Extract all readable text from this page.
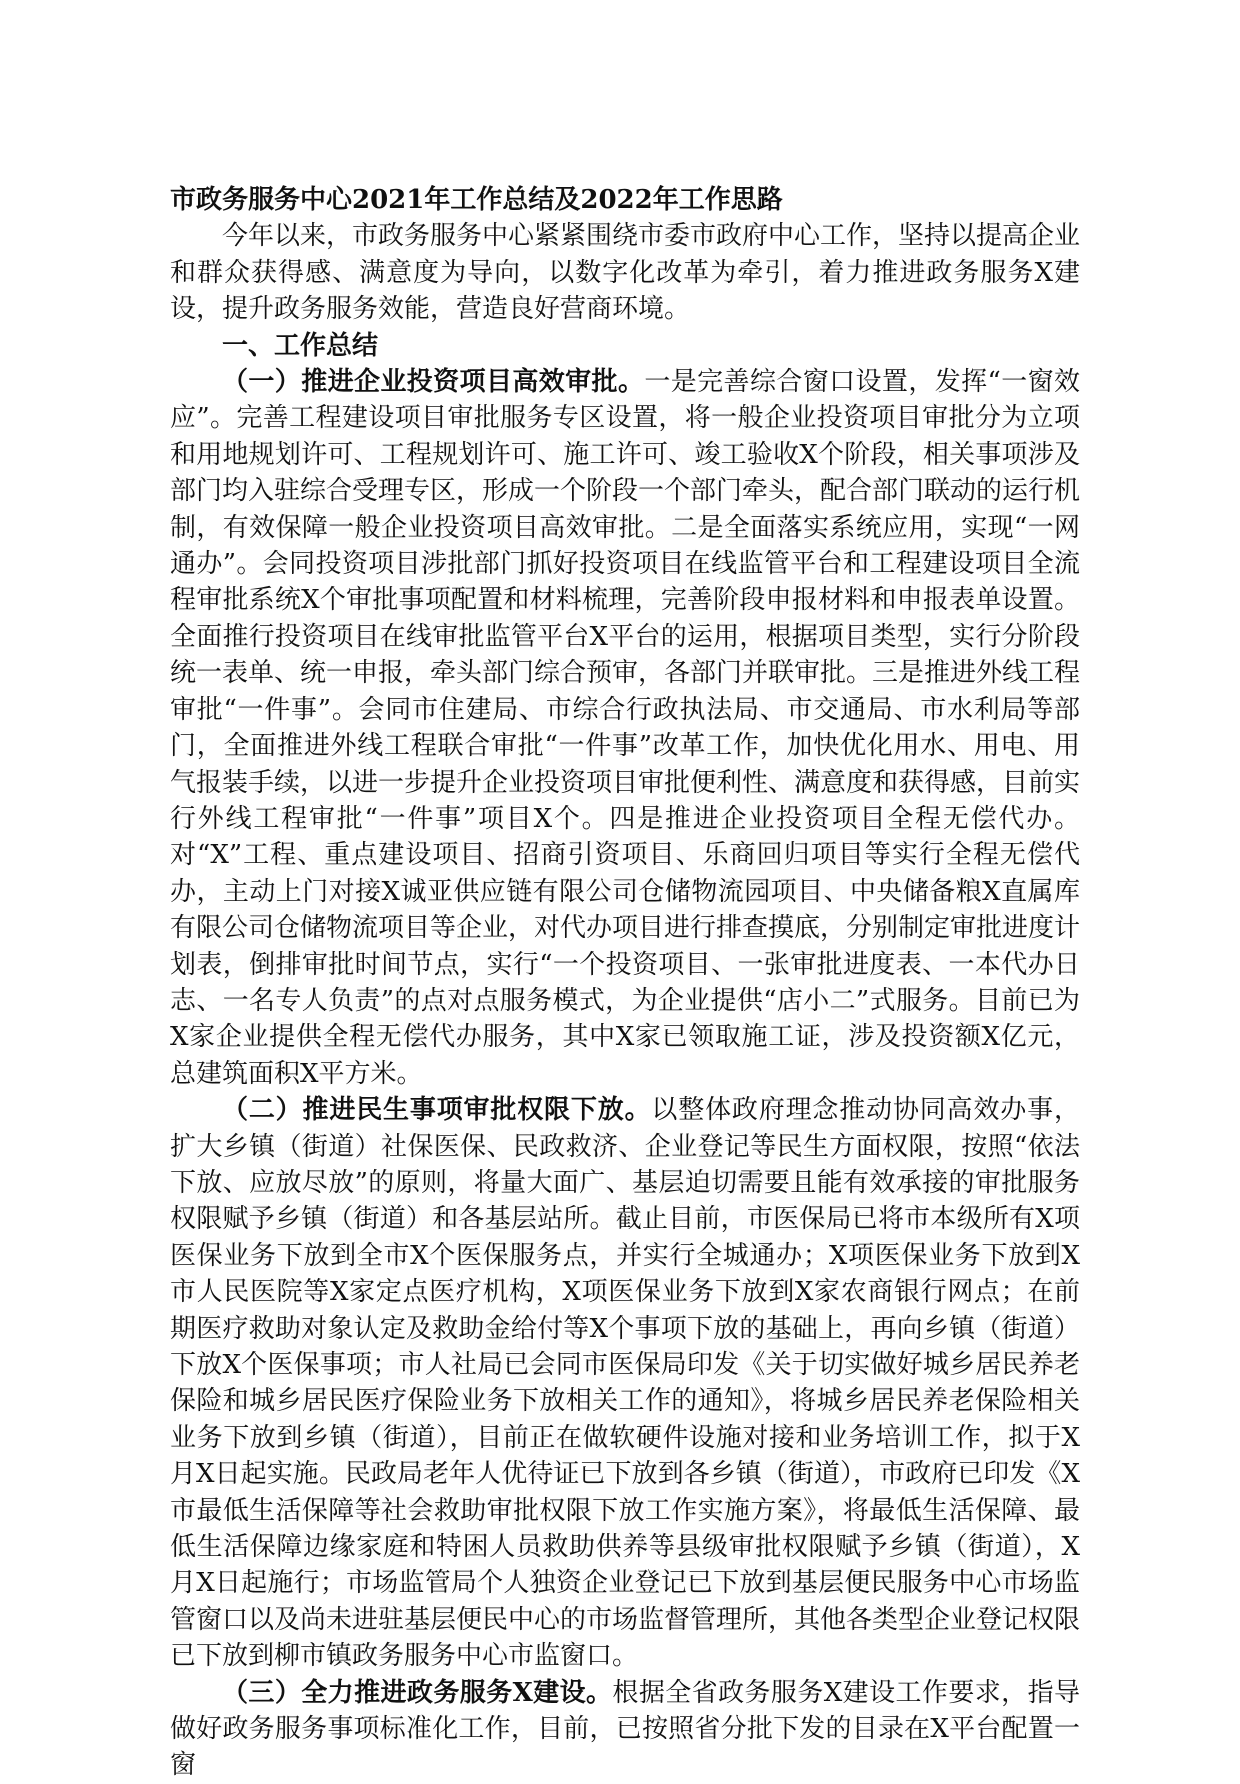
市政务服务中心2021年工作总结及2022年工作思路

今年以来，市政务服务中心紧紧围绕市委市政府中心工作，坚持以提高企业和群众获得感、满意度为导向，以数字化改革为牵引，着力推进政务服务X建设，提升政务服务效能，营造良好营商环境。

一、工作总结

（一）推进企业投资项目高效审批。一是完善综合窗口设置，发挥“一窗效应”。完善工程建设项目审批服务专区设置，将一般企业投资项目审批分为立项和用地规划许可、工程规划许可、施工许可、竣工验收X个阶段，相关事项涉及部门均入驻综合受理专区，形成一个阶段一个部门牵头，配合部门联动的运行机制，有效保障一般企业投资项目高效审批。二是全面落实系统应用，实现“一网通办”。会同投资项目涉批部门抓好投资项目在线监管平台和工程建设项目全流程审批系统X个审批事项配置和材料梳理，完善阶段申报材料和申报表单设置。全面推行投资项目在线审批监管平台X平台的运用，根据项目类型，实行分阶段统一表单、统一申报，牵头部门综合预审，各部门并联审批。三是推进外线工程审批“一件事”。会同市住建局、市综合行政执法局、市交通局、市水利局等部门，全面推进外线工程联合审批“一件事”改革工作，加快优化用水、用电、用气报装手续，以进一步提升企业投资项目审批便利性、满意度和获得感，目前实行外线工程审批“一件事”项目X个。四是推进企业投资项目全程无偿代办。对“X”工程、重点建设项目、招商引资项目、乐商回归项目等实行全程无偿代办，主动上门对接X诚亚供应链有限公司仓储物流园项目、中央储备粮X直属库有限公司仓储物流项目等企业，对代办项目进行排查摸底，分别制定审批进度计划表，倒排审批时间节点，实行“一个投资项目、一张审批进度表、一本代办日志、一名专人负责”的点对点服务模式，为企业提供“店小二”式服务。目前已为X家企业提供全程无偿代办服务，其中X家已领取施工证，涉及投资额X亿元，总建筑面积X平方米。

（二）推进民生事项审批权限下放。以整体政府理念推动协同高效办事，扩大乡镇（街道）社保医保、民政救济、企业登记等民生方面权限，按照“依法下放、应放尽放”的原则，将量大面广、基层迫切需要且能有效承接的审批服务权限赋予乡镇（街道）和各基层站所。截止目前，市医保局已将市本级所有X项医保业务下放到全市X个医保服务点，并实行全城通办；X项医保业务下放到X市人民医院等X家定点医疗机构，X项医保业务下放到X家农商银行网点；在前期医疗救助对象认定及救助金给付等X个事项下放的基础上，再向乡镇（街道）下放X个医保事项；市人社局已会同市医保局印发《关于切实做好城乡居民养老保险和城乡居民医疗保险业务下放相关工作的通知》，将城乡居民养老保险相关业务下放到乡镇（街道），目前正在做软硬件设施对接和业务培训工作，拟于X月X日起实施。民政局老年人优待证已下放到各乡镇（街道），市政府已印发《X市最低生活保障等社会救助审批权限下放工作实施方案》，将最低生活保障、最低生活保障边缘家庭和特困人员救助供养等县级审批权限赋予乡镇（街道），X月X日起施行；市场监管局个人独资企业登记已下放到基层便民服务中心市场监管窗口以及尚未进驻基层便民中心的市场监督管理所，其他各类型企业登记权限已下放到柳市镇政务服务中心市监窗口。

（三）全力推进政务服务X建设。根据全省政务服务X建设工作要求，指导做好政务服务事项标准化工作，目前，已按照省分批下发的目录在X平台配置一窗
